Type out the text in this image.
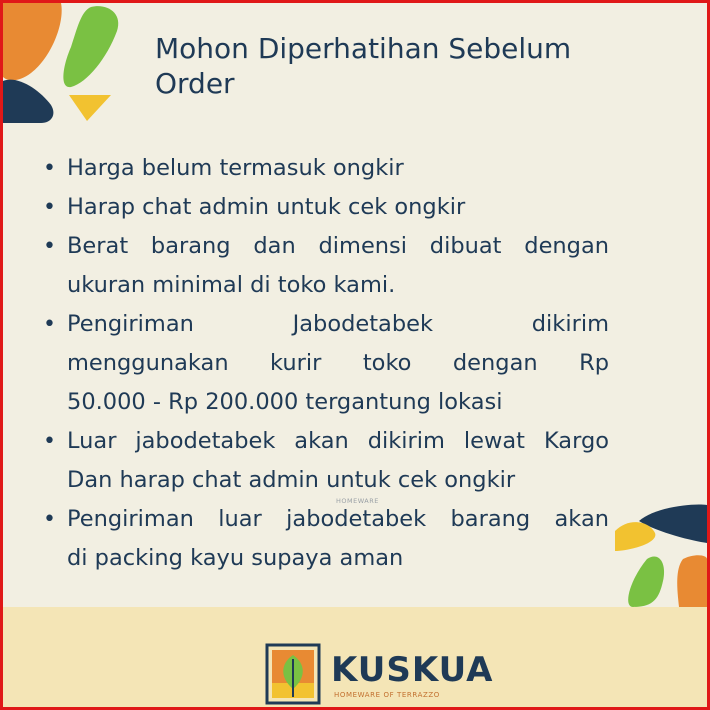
Mohon Diperhatihan Sebelum
Order
• Harga belum termasuk ongkir
• Harap chat admin untuk cek ongkir
• Berat barang dan dimensi dibuat dengan
ukuran minimal di toko kami.
• Pengiriman Jabodetabek dikirim
menggunakan kurir toko dengan Rp
50.000 - Rp 200.000 tergantung lokasi
• Luar jabodetabek akan dikirim lewat Kargo
Dan harap chat admin untuk cek ongkir
• Pengiriman luar jabodetabek barang akan
di packing kayu supaya aman
HOMEWARE
KUSKUA
HOMEWARE OF TERRAZZO
